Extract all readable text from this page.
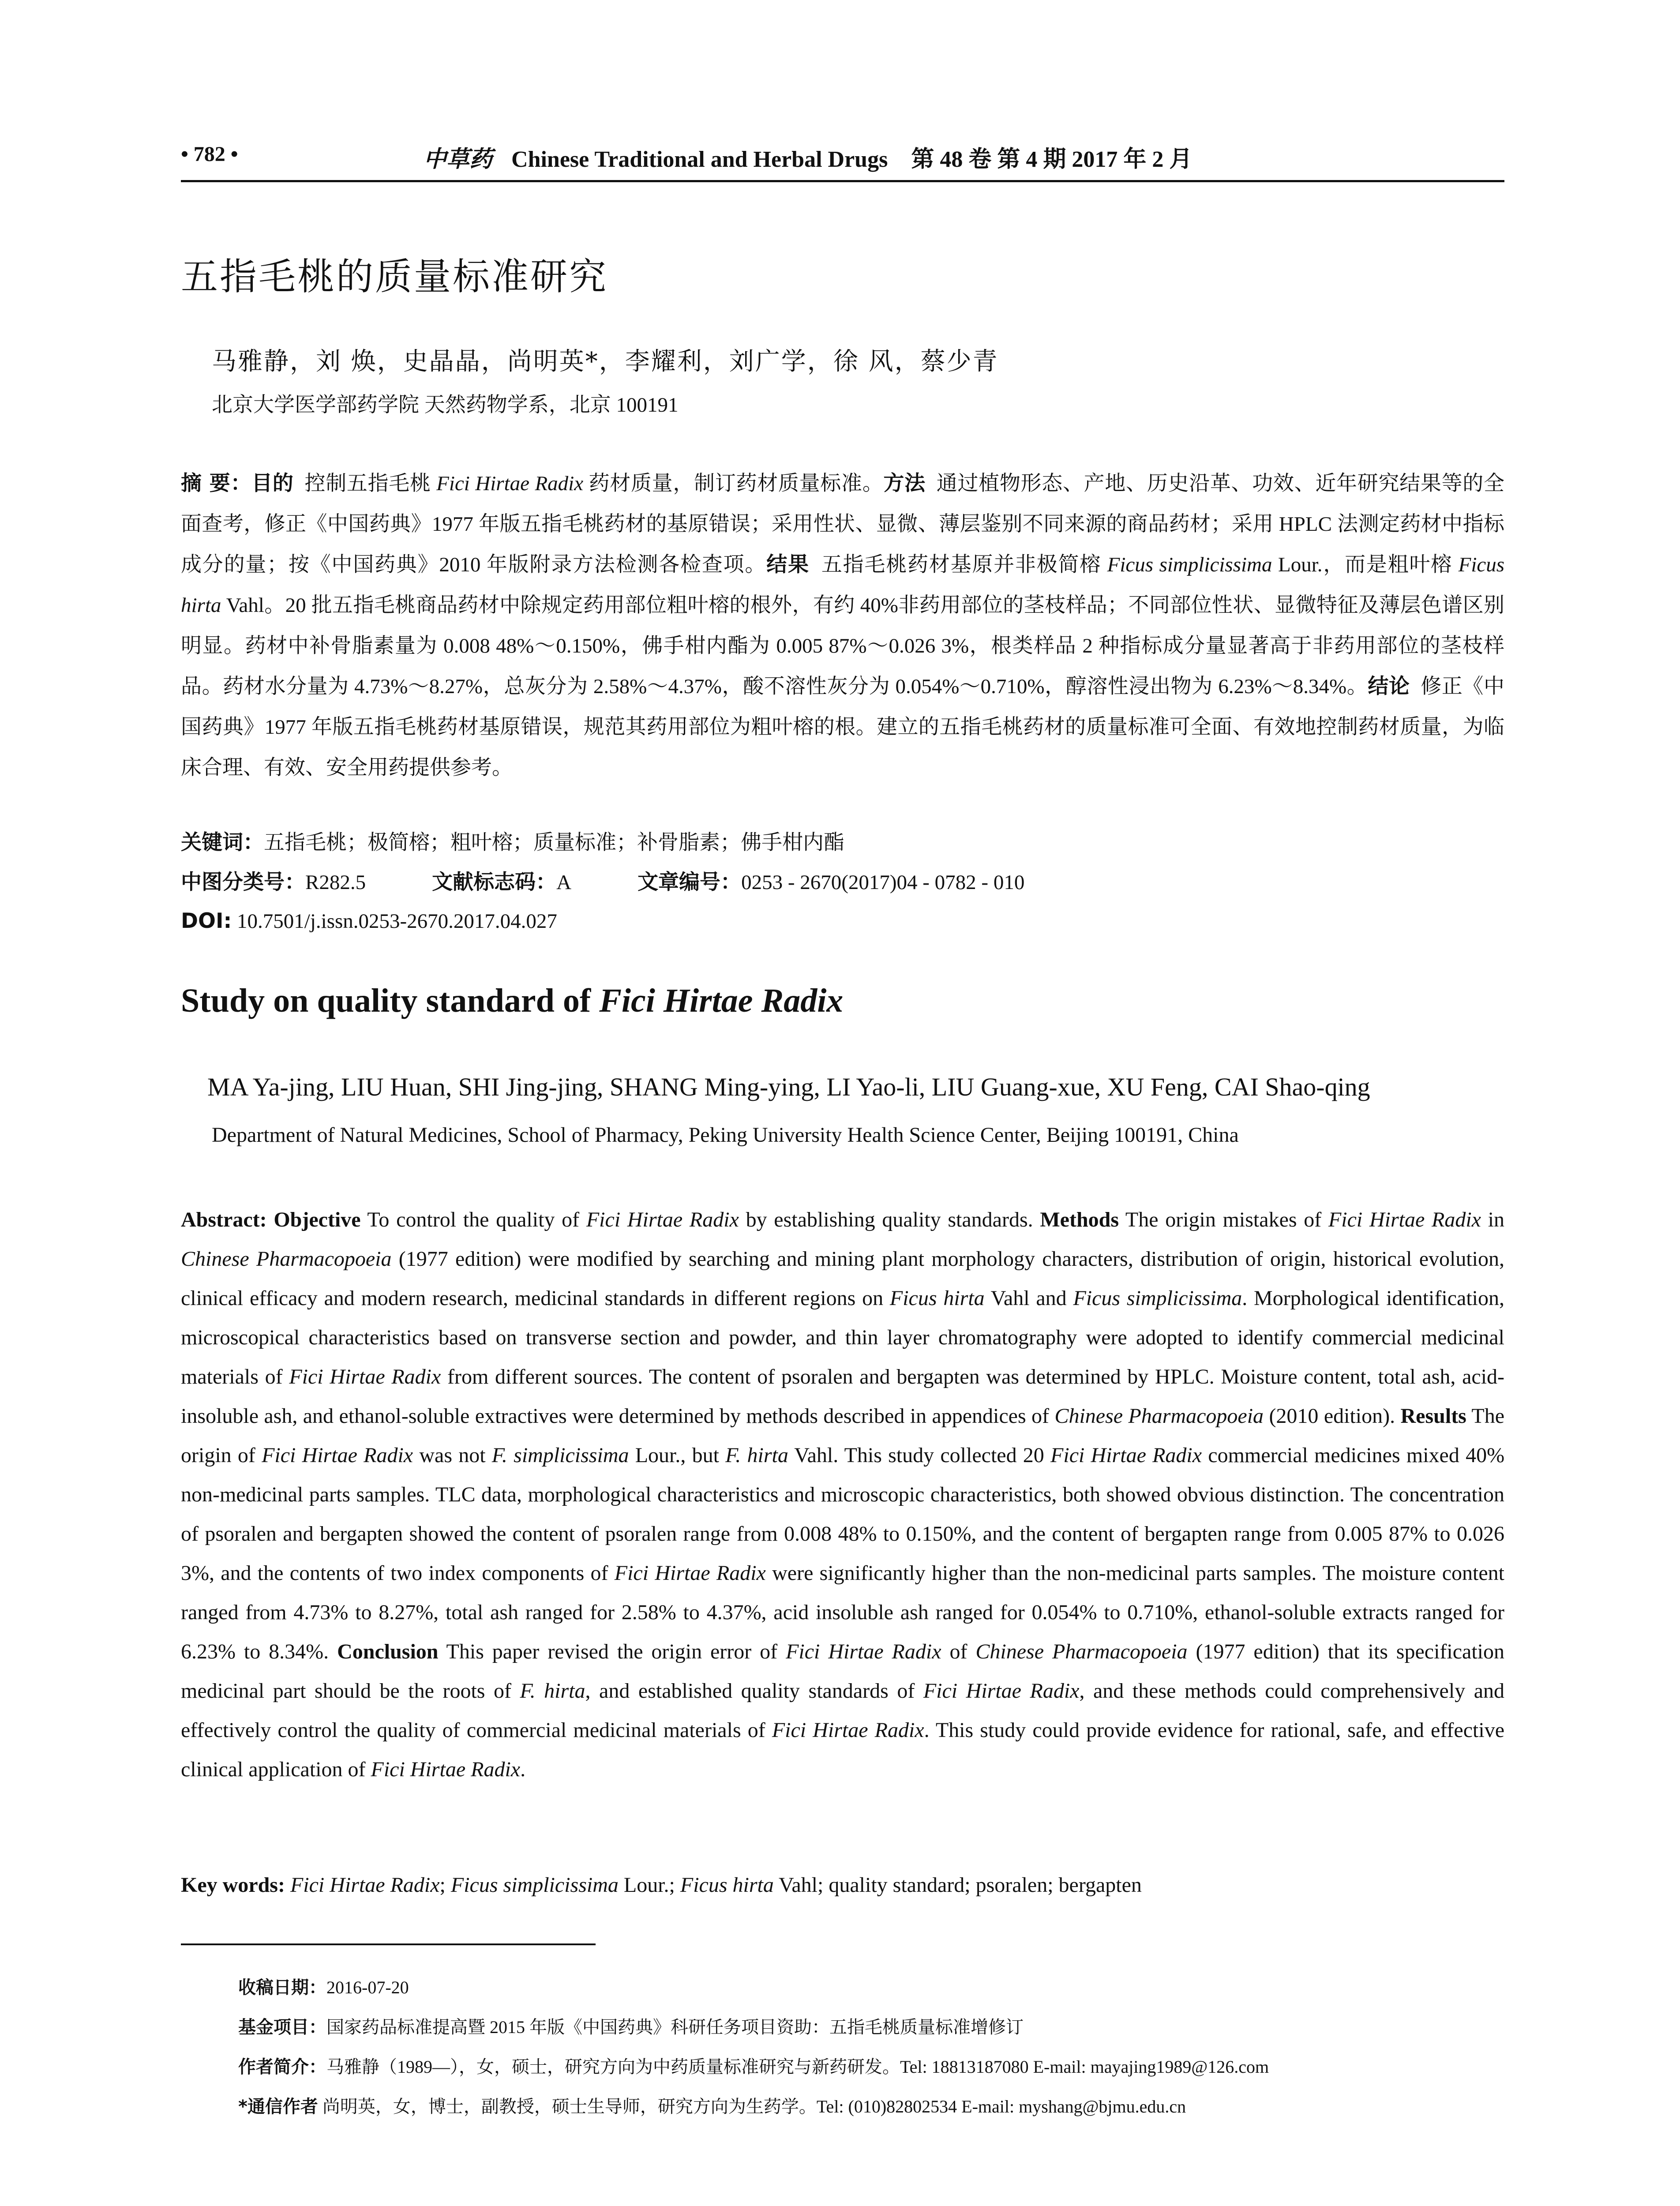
• 782 •	中草药 Chinese Traditional and Herbal Drugs 第 48 卷 第 4 期 2017 年 2 月
五指毛桃的质量标准研究
马雅静，刘 焕，史晶晶，尚明英*，李耀利，刘广学，徐 风，蔡少青
北京大学医学部药学院 天然药物学系，北京 100191
摘 要：目的 控制五指毛桃 Fici Hirtae Radix 药材质量，制订药材质量标准。方法 通过植物形态、产地、历史沿革、功效、近年研究结果等的全面查考，修正《中国药典》1977 年版五指毛桃药材的基原错误；采用性状、显微、薄层鉴别不同来源的商品药材；采用 HPLC 法测定药材中指标成分的量；按《中国药典》2010 年版附录方法检测各检查项。结果 五指毛桃药材基原并非极简榕 Ficus simplicissima Lour.，而是粗叶榕 Ficus hirta Vahl。20 批五指毛桃商品药材中除规定药用部位粗叶榕的根外，有约 40%非药用部位的茎枝样品；不同部位性状、显微特征及薄层色谱区别明显。药材中补骨脂素量为 0.008 48%～0.150%，佛手柑内酯为 0.005 87%～0.026 3%，根类样品 2 种指标成分量显著高于非药用部位的茎枝样品。药材水分量为 4.73%～8.27%，总灰分为 2.58%～4.37%，酸不溶性灰分为 0.054%～0.710%，醇溶性浸出物为 6.23%～8.34%。结论 修正《中国药典》1977 年版五指毛桃药材基原错误，规范其药用部位为粗叶榕的根。建立的五指毛桃药材的质量标准可全面、有效地控制药材质量，为临床合理、有效、安全用药提供参考。
关键词：五指毛桃；极简榕；粗叶榕；质量标准；补骨脂素；佛手柑内酯
中图分类号：R282.5	文献标志码：A	文章编号：0253 - 2670(2017)04 - 0782 - 010
DOI: 10.7501/j.issn.0253-2670.2017.04.027
Study on quality standard of Fici Hirtae Radix
MA Ya-jing, LIU Huan, SHI Jing-jing, SHANG Ming-ying, LI Yao-li, LIU Guang-xue, XU Feng, CAI Shao-qing
Department of Natural Medicines, School of Pharmacy, Peking University Health Science Center, Beijing 100191, China
Abstract: Objective To control the quality of Fici Hirtae Radix by establishing quality standards. Methods The origin mistakes of Fici Hirtae Radix in Chinese Pharmacopoeia (1977 edition) were modified by searching and mining plant morphology characters, distribution of origin, historical evolution, clinical efficacy and modern research, medicinal standards in different regions on Ficus hirta Vahl and Ficus simplicissima. Morphological identification, microscopical characteristics based on transverse section and powder, and thin layer chromatography were adopted to identify commercial medicinal materials of Fici Hirtae Radix from different sources. The content of psoralen and bergapten was determined by HPLC. Moisture content, total ash, acid-insoluble ash, and ethanol-soluble extractives were determined by methods described in appendices of Chinese Pharmacopoeia (2010 edition). Results The origin of Fici Hirtae Radix was not F. simplicissima Lour., but F. hirta Vahl. This study collected 20 Fici Hirtae Radix commercial medicines mixed 40% non-medicinal parts samples. TLC data, morphological characteristics and microscopic characteristics, both showed obvious distinction. The concentration of psoralen and bergapten showed the content of psoralen range from 0.008 48% to 0.150%, and the content of bergapten range from 0.005 87% to 0.026 3%, and the contents of two index components of Fici Hirtae Radix were significantly higher than the non-medicinal parts samples. The moisture content ranged from 4.73% to 8.27%, total ash ranged for 2.58% to 4.37%, acid insoluble ash ranged for 0.054% to 0.710%, ethanol-soluble extracts ranged for 6.23% to 8.34%. Conclusion This paper revised the origin error of Fici Hirtae Radix of Chinese Pharmacopoeia (1977 edition) that its specification medicinal part should be the roots of F. hirta, and established quality standards of Fici Hirtae Radix, and these methods could comprehensively and effectively control the quality of commercial medicinal materials of Fici Hirtae Radix. This study could provide evidence for rational, safe, and effective clinical application of Fici Hirtae Radix.
Key words: Fici Hirtae Radix; Ficus simplicissima Lour.; Ficus hirta Vahl; quality standard; psoralen; bergapten
收稿日期：2016-07-20
基金项目：国家药品标准提高暨 2015 年版《中国药典》科研任务项目资助：五指毛桃质量标准增修订
作者简介：马雅静（1989—），女，硕士，研究方向为中药质量标准研究与新药研发。Tel: 18813187080 E-mail: mayajing1989@126.com
*通信作者 尚明英，女，博士，副教授，硕士生导师，研究方向为生药学。Tel: (010)82802534 E-mail: myshang@bjmu.edu.cn
